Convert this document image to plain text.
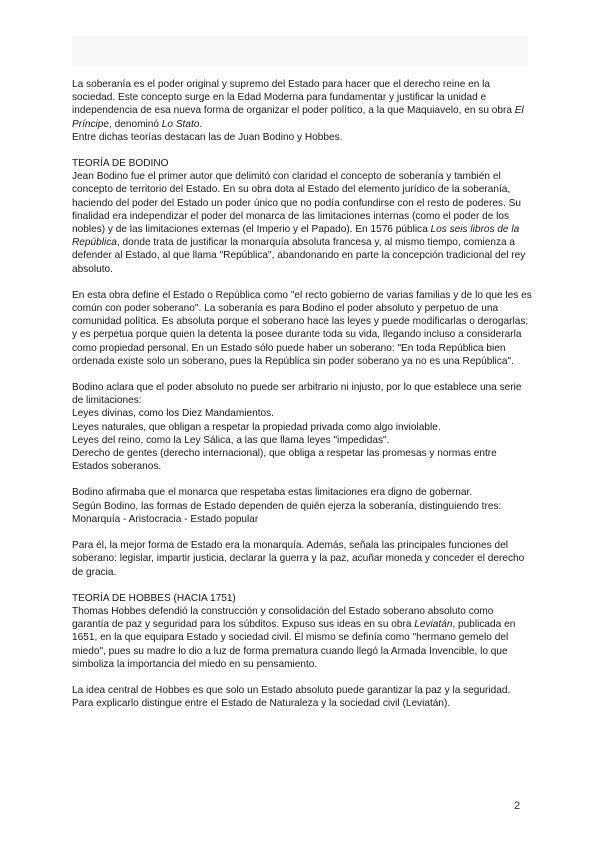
La soberanía es el poder original y supremo del Estado para hacer que el derecho reine en la sociedad. Este concepto surge en la Edad Moderna para fundamentar y justificar la unidad e independencia de esa nueva forma de organizar el poder político, a la que Maquiavelo, en su obra El Príncipe, denominó Lo Stato.

Entre dichas teorías destacan las de Juan Bodino y Hobbes.

TEORÍA DE BODINO

Jean Bodino fue el primer autor que delimitó con claridad el concepto de soberanía y también el concepto de territorio del Estado. En su obra dota al Estado del elemento jurídico de la soberanía, haciendo del poder del Estado un poder único que no podía confundirse con el resto de poderes. Su finalidad era independizar el poder del monarca de las limitaciones internas (como el poder de los nobles) y de las limitaciones externas (el Imperio y el Papado). En 1576 pública Los seis libros de la República, donde trata de justificar la monarquía absoluta francesa y, al mismo tiempo, comienza a defender al Estado, al que llama "República", abandonando en parte la concepción tradicional del rey absoluto.

En esta obra define el Estado o República como "el recto gobierno de varias familias y de lo que les es común con poder soberano". La soberanía es para Bodino el poder absoluto y perpetuo de una comunidad política. Es absoluta porque el soberano hace las leyes y puede modificarlas o derogarlas; y es perpetua porque quien la detenta la posee durante toda su vida, llegando incluso a considerarla como propiedad personal. En un Estado sólo puede haber un soberano: "En toda República bien ordenada existe solo un soberano, pues la República sin poder soberano ya no es una República".

Bodino aclara que el poder absoluto no puede ser arbitrario ni injusto, por lo que establece una serie de limitaciones:

Leyes divinas, como los Diez Mandamientos.

Leyes naturales, que obligan a respetar la propiedad privada como algo inviolable.

Leyes del reino, como la Ley Sálica, a las que llama leyes "impedidas".

Derecho de gentes (derecho internacional), que obliga a respetar las promesas y normas entre Estados soberanos.

Bodino afirmaba que el monarca que respetaba estas limitaciones era digno de gobernar.

Según Bodino, las formas de Estado dependen de quién ejerza la soberanía, distinguiendo tres:

Monarquía - Aristocracia - Estado popular

Para él, la mejor forma de Estado era la monarquía. Además, señala las principales funciones del soberano: legislar, impartir justicia, declarar la guerra y la paz, acuñar moneda y conceder el derecho de gracia.

TEORÍA DE HOBBES (HACIA 1751)

Thomas Hobbes defendió la construcción y consolidación del Estado soberano absoluto como garantía de paz y seguridad para los súbditos. Expuso sus ideas en su obra Leviatán, publicada en 1651, en la que equipara Estado y sociedad civil. Él mismo se definía como "hermano gemelo del miedo", pues su madre lo dio a luz de forma prematura cuando llegó la Armada Invencible, lo que simboliza la importancia del miedo en su pensamiento.

La idea central de Hobbes es que solo un Estado absoluto puede garantizar la paz y la seguridad. Para explicarlo distingue entre el Estado de Naturaleza y la sociedad civil (Leviatán).

2
